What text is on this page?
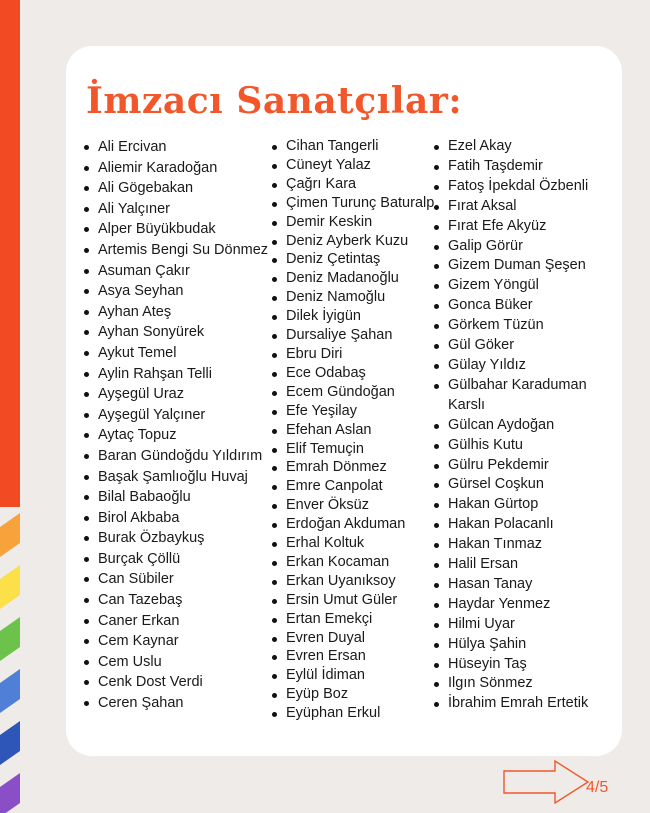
İmzacı Sanatçılar:
Ali Ercivan
Aliemir Karadoğan
Ali Gögebakan
Ali Yalçıner
Alper Büyükbudak
Artemis Bengi Su Dönmez
Asuman Çakır
Asya Seyhan
Ayhan Ateş
Ayhan Sonyürek
Aykut Temel
Aylin Rahşan Telli
Ayşegül Uraz
Ayşegül Yalçıner
Aytaç Topuz
Baran Gündoğdu Yıldırım
Başak Şamlıoğlu Huvaj
Bilal Babaoğlu
Birol Akbaba
Burak Özbaykuş
Burçak Çöllü
Can Sübiler
Can Tazebaş
Caner Erkan
Cem Kaynar
Cem Uslu
Cenk Dost Verdi
Ceren Şahan
Cihan Tangerli
Cüneyt Yalaz
Çağrı Kara
Çimen Turunç Baturalp
Demir Keskin
Deniz Ayberk Kuzu
Deniz Çetintaş
Deniz Madanoğlu
Deniz Namoğlu
Dilek İyigün
Dursaliye Şahan
Ebru Diri
Ece Odabaş
Ecem Gündoğan
Efe Yeşilay
Efehan Aslan
Elif Temuçin
Emrah Dönmez
Emre Canpolat
Enver Öksüz
Erdoğan Akduman
Erhal Koltuk
Erkan Kocaman
Erkan Uyanıksoy
Ersin Umut Güler
Ertan Emekçi
Evren Duyal
Evren Ersan
Eylül İdiman
Eyüp Boz
Eyüphan Erkul
Ezel Akay
Fatih Taşdemir
Fatoş İpekdal Özbenli
Fırat Aksal
Fırat Efe Akyüz
Galip Görür
Gizem Duman Şeşen
Gizem Yöngül
Gonca Büker
Görkem Tüzün
Gül Göker
Gülay Yıldız
Gülbahar Karaduman Karslı
Gülcan Aydoğan
Gülhis Kutu
Gülru Pekdemir
Gürsel Coşkun
Hakan Gürtop
Hakan Polacanlı
Hakan Tınmaz
Halil Ersan
Hasan Tanay
Haydar Yenmez
Hilmi Uyar
Hülya Şahin
Hüseyin Taş
Ilgın Sönmez
İbrahim Emrah Ertetik
4/5
